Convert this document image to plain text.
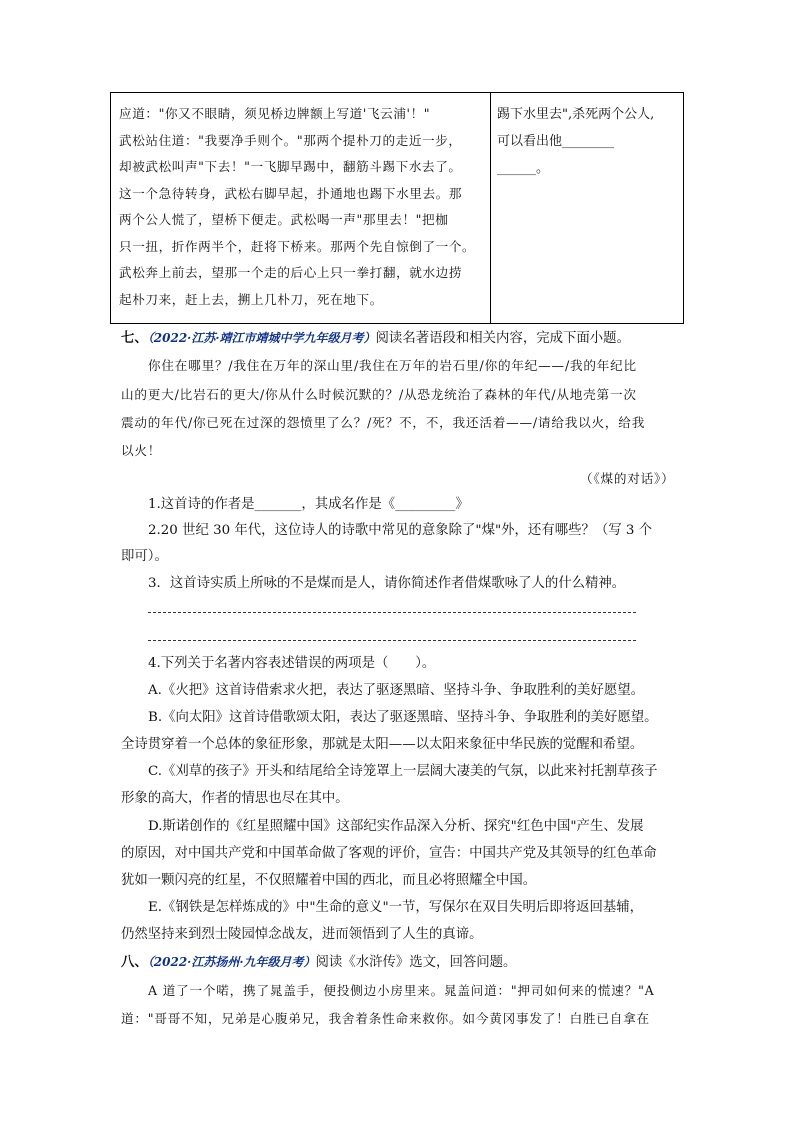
应道："你又不眼睛，须见桥边牌额上写道'飞云浦'！"

武松站住道："我要净手则个。"那两个提朴刀的走近一步，

却被武松叫声"下去！"一飞脚早踢中，翻筋斗踢下水去了。

这一个急待转身，武松右脚早起，扑通地也踢下水里去。那

两个公人慌了，望桥下便走。武松喝一声"那里去！"把枷

只一扭，折作两半个，赶将下桥来。那两个先自惊倒了一个。

武松奔上前去，望那一个走的后心上只一拳打翻，就水边捞

起朴刀来，赶上去，搠上几朴刀，死在地下。

踢下水里去",杀死两个公人,

可以看出他________

______。

七、（2022·江苏·靖江市靖城中学九年级月考）阅读名著语段和相关内容，完成下面小题。
你住在哪里？/我住在万年的深山里/我住在万年的岩石里/你的年纪——/我的年纪比
山的更大/比岩石的更大/你从什么时候沉默的？/从恐龙统治了森林的年代/从地壳第一次
震动的年代/你已死在过深的怨愤里了么？/死？不，不，我还活着——/请给我以火，给我
以火！
（《煤的对话》）
1.这首诗的作者是_______，其成名作是《_________》
2.20 世纪 30 年代，这位诗人的诗歌中常见的意象除了"煤"外，还有哪些？（写 3 个
即可）。
3．这首诗实质上所咏的不是煤而是人，请你简述作者借煤歌咏了人的什么精神。
4.下列关于名著内容表述错误的两项是（　　）。
A.《火把》这首诗借索求火把，表达了驱逐黑暗、坚持斗争、争取胜利的美好愿望。
B.《向太阳》这首诗借歌颂太阳，表达了驱逐黑暗、坚持斗争、争取胜利的美好愿望。
全诗贯穿着一个总体的象征形象，那就是太阳——以太阳来象征中华民族的觉醒和希望。
C.《刈草的孩子》开头和结尾给全诗笼罩上一层阔大凄美的气氛，以此来衬托割草孩子
形象的高大，作者的情思也尽在其中。
D.斯诺创作的《红星照耀中国》这部纪实作品深入分析、探究"红色中国"产生、发展
的原因，对中国共产党和中国革命做了客观的评价，宣告：中国共产党及其领导的红色革命
犹如一颗闪亮的红星，不仅照耀着中国的西北，而且必将照耀全中国。
E.《钢铁是怎样炼成的》中"生命的意义"一节，写保尔在双目失明后即将返回基辅，
仍然坚持来到烈士陵园悼念战友，进而领悟到了人生的真谛。
八、（2022·江苏扬州·九年级月考）阅读《水浒传》选文，回答问题。
A 道了一个喏，携了晁盖手，便投侧边小房里来。晁盖问道："押司如何来的慌速？"A
道："哥哥不知，兄弟是心腹弟兄，我舍着条性命来救你。如今黄冈事发了！白胜已自拿在
